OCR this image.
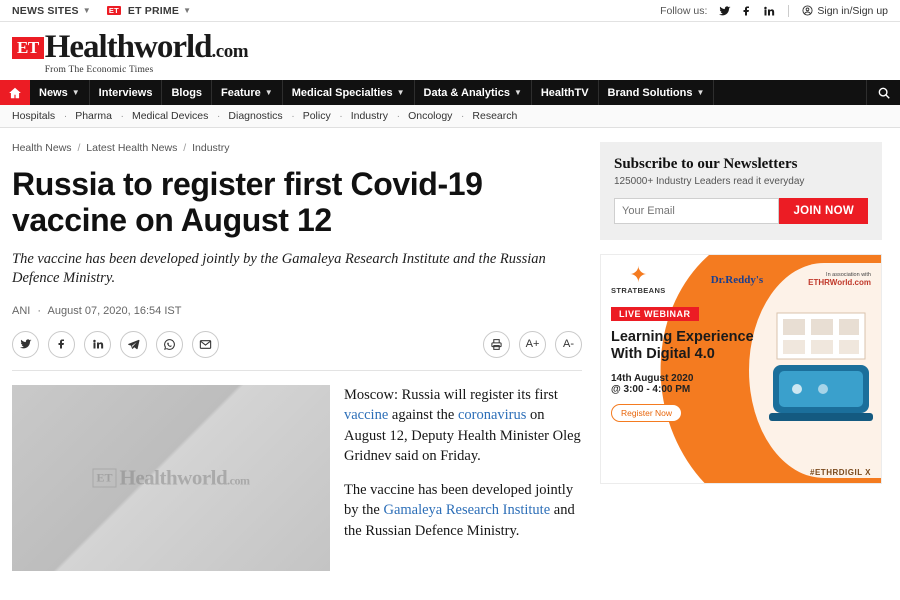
NEWS SITES ▼ ET ET PRIME ▼	Follow us:	Sign in/Sign up
ET Healthworld.com
From The Economic Times
News ▼ Interviews Blogs Feature ▼ Medical Specialties ▼ Data & Analytics ▼ HealthTV Brand Solutions ▼
Hospitals ·	Pharma ·	Medical Devices ·	Diagnostics ·	Policy ·	Industry ·	Oncology ·	Research
Health News / Latest Health News / Industry
Russia to register first Covid-19 vaccine on August 12
The vaccine has been developed jointly by the Gamaleya Research Institute and the Russian Defence Ministry.
ANI · August 07, 2020, 16:54 IST
A+	A-
ET Healthworld.com

Moscow: Russia will register its first vaccine against the coronavirus on August 12, Deputy Health Minister Oleg Gridnev said on Friday.

The vaccine has been developed jointly by the Gamaleya Research Institute and the Russian Defence Ministry.

Subscribe to our Newsletters
125000+ Industry Leaders read it everyday
Your Email
JOIN NOW
✦
STRATBEANS
Dr.Reddy's	In association with
ETHRWorld.com
LIVE WEBINAR
Learning Experience With Digital 4.0
14th August 2020
@ 3:00 - 4:00 PM
Register Now
#ETHRDIGIL X
